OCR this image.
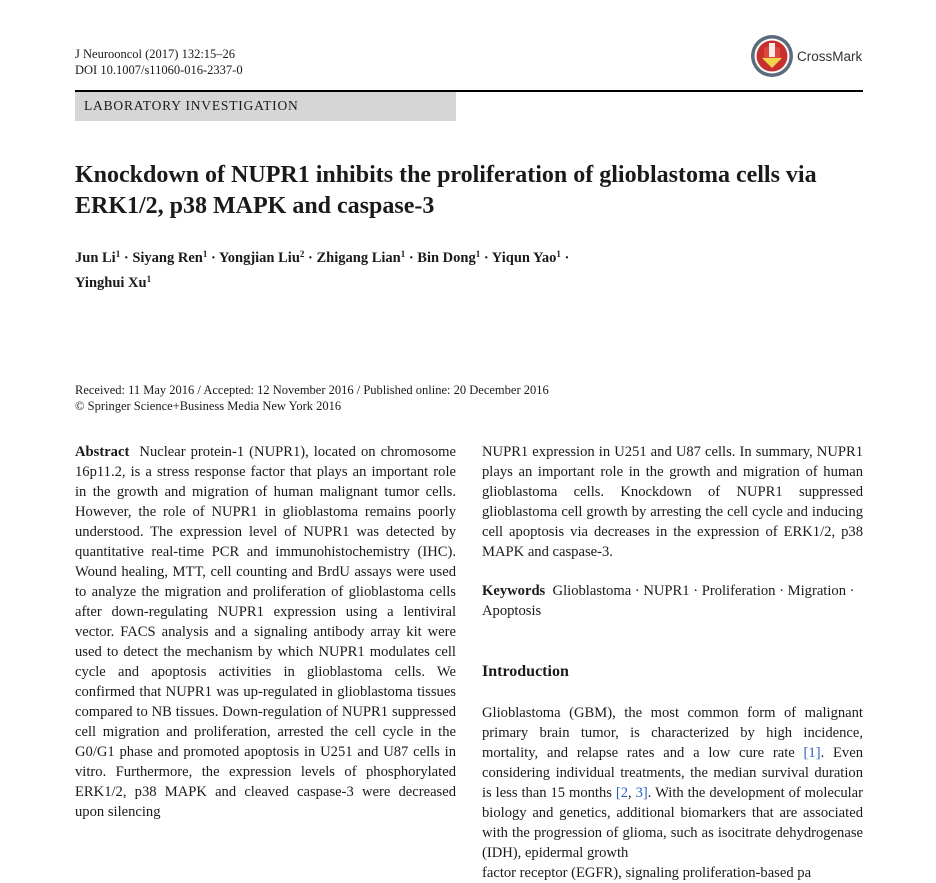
J Neurooncol (2017) 132:15–26
DOI 10.1007/s11060-016-2337-0
CrossMark
LABORATORY INVESTIGATION
Knockdown of NUPR1 inhibits the proliferation of glioblastoma cells via ERK1/2, p38 MAPK and caspase-3
Jun $Li^1$ · Siyang Ren$^1$ · Yongjian Liu$^2$ · Zhigang Lian$^1$ · Bin Dong$^1$ · Yiqun Yao$^1$ ·
Yinghui Xu$^1$
Received: 11 May 2016 / Accepted: 12 November 2016 / Published online: 20 December 2016
© Springer Science+Business Media New York 2016
Abstract Nuclear protein-1 (NUPR1), located on chromosome 16p11.2, is a stress response factor that plays an important role in the growth and migration of human malignant tumor cells. However, the role of NUPR1 in glioblastoma remains poorly understood. The expression level of NUPR1 was detected by quantitative real-time PCR and immunohistochemistry (IHC). Wound healing, MTT, cell counting and BrdU assays were used to analyze the migration and proliferation of glioblastoma cells after down-regulating NUPR1 expression using a lentiviral vector. FACS analysis and a signaling antibody array kit were used to detect the mechanism by which NUPR1 modulates cell cycle and apoptosis activities in glioblastoma cells. We confirmed that NUPR1 was up-regulated in glioblastoma tissues compared to NB tissues. Down-regulation of NUPR1 suppressed cell migration and proliferation, arrested the cell cycle in the G0/G1 phase and promoted apoptosis in U251 and U87 cells in vitro. Furthermore, the expression levels of phosphorylated ERK1/2, p38 MAPK and cleaved caspase-3 were decreased upon silencing
NUPR1 expression in U251 and U87 cells. In summary, NUPR1 plays an important role in the growth and migration of human glioblastoma cells. Knockdown of NUPR1 suppressed glioblastoma cell growth by arresting the cell cycle and inducing cell apoptosis via decreases in the expression of ERK1/2, p38 MAPK and caspase-3.
Keywords Glioblastoma · NUPR1 · Proliferation · Migration · Apoptosis
Introduction
Glioblastoma (GBM), the most common form of malignant primary brain tumor, is characterized by high incidence, mortality, and relapse rates and a low cure rate [1]. Even considering individual treatments, the median survival duration is less than 15 months [2, 3]. With the development of molecular biology and genetics, additional biomarkers that are associated with the progression of glioma, such as isocitrate dehydrogenase (IDH), epidermal growth
factor receptor (EGFR), signaling proliferation-based pa
